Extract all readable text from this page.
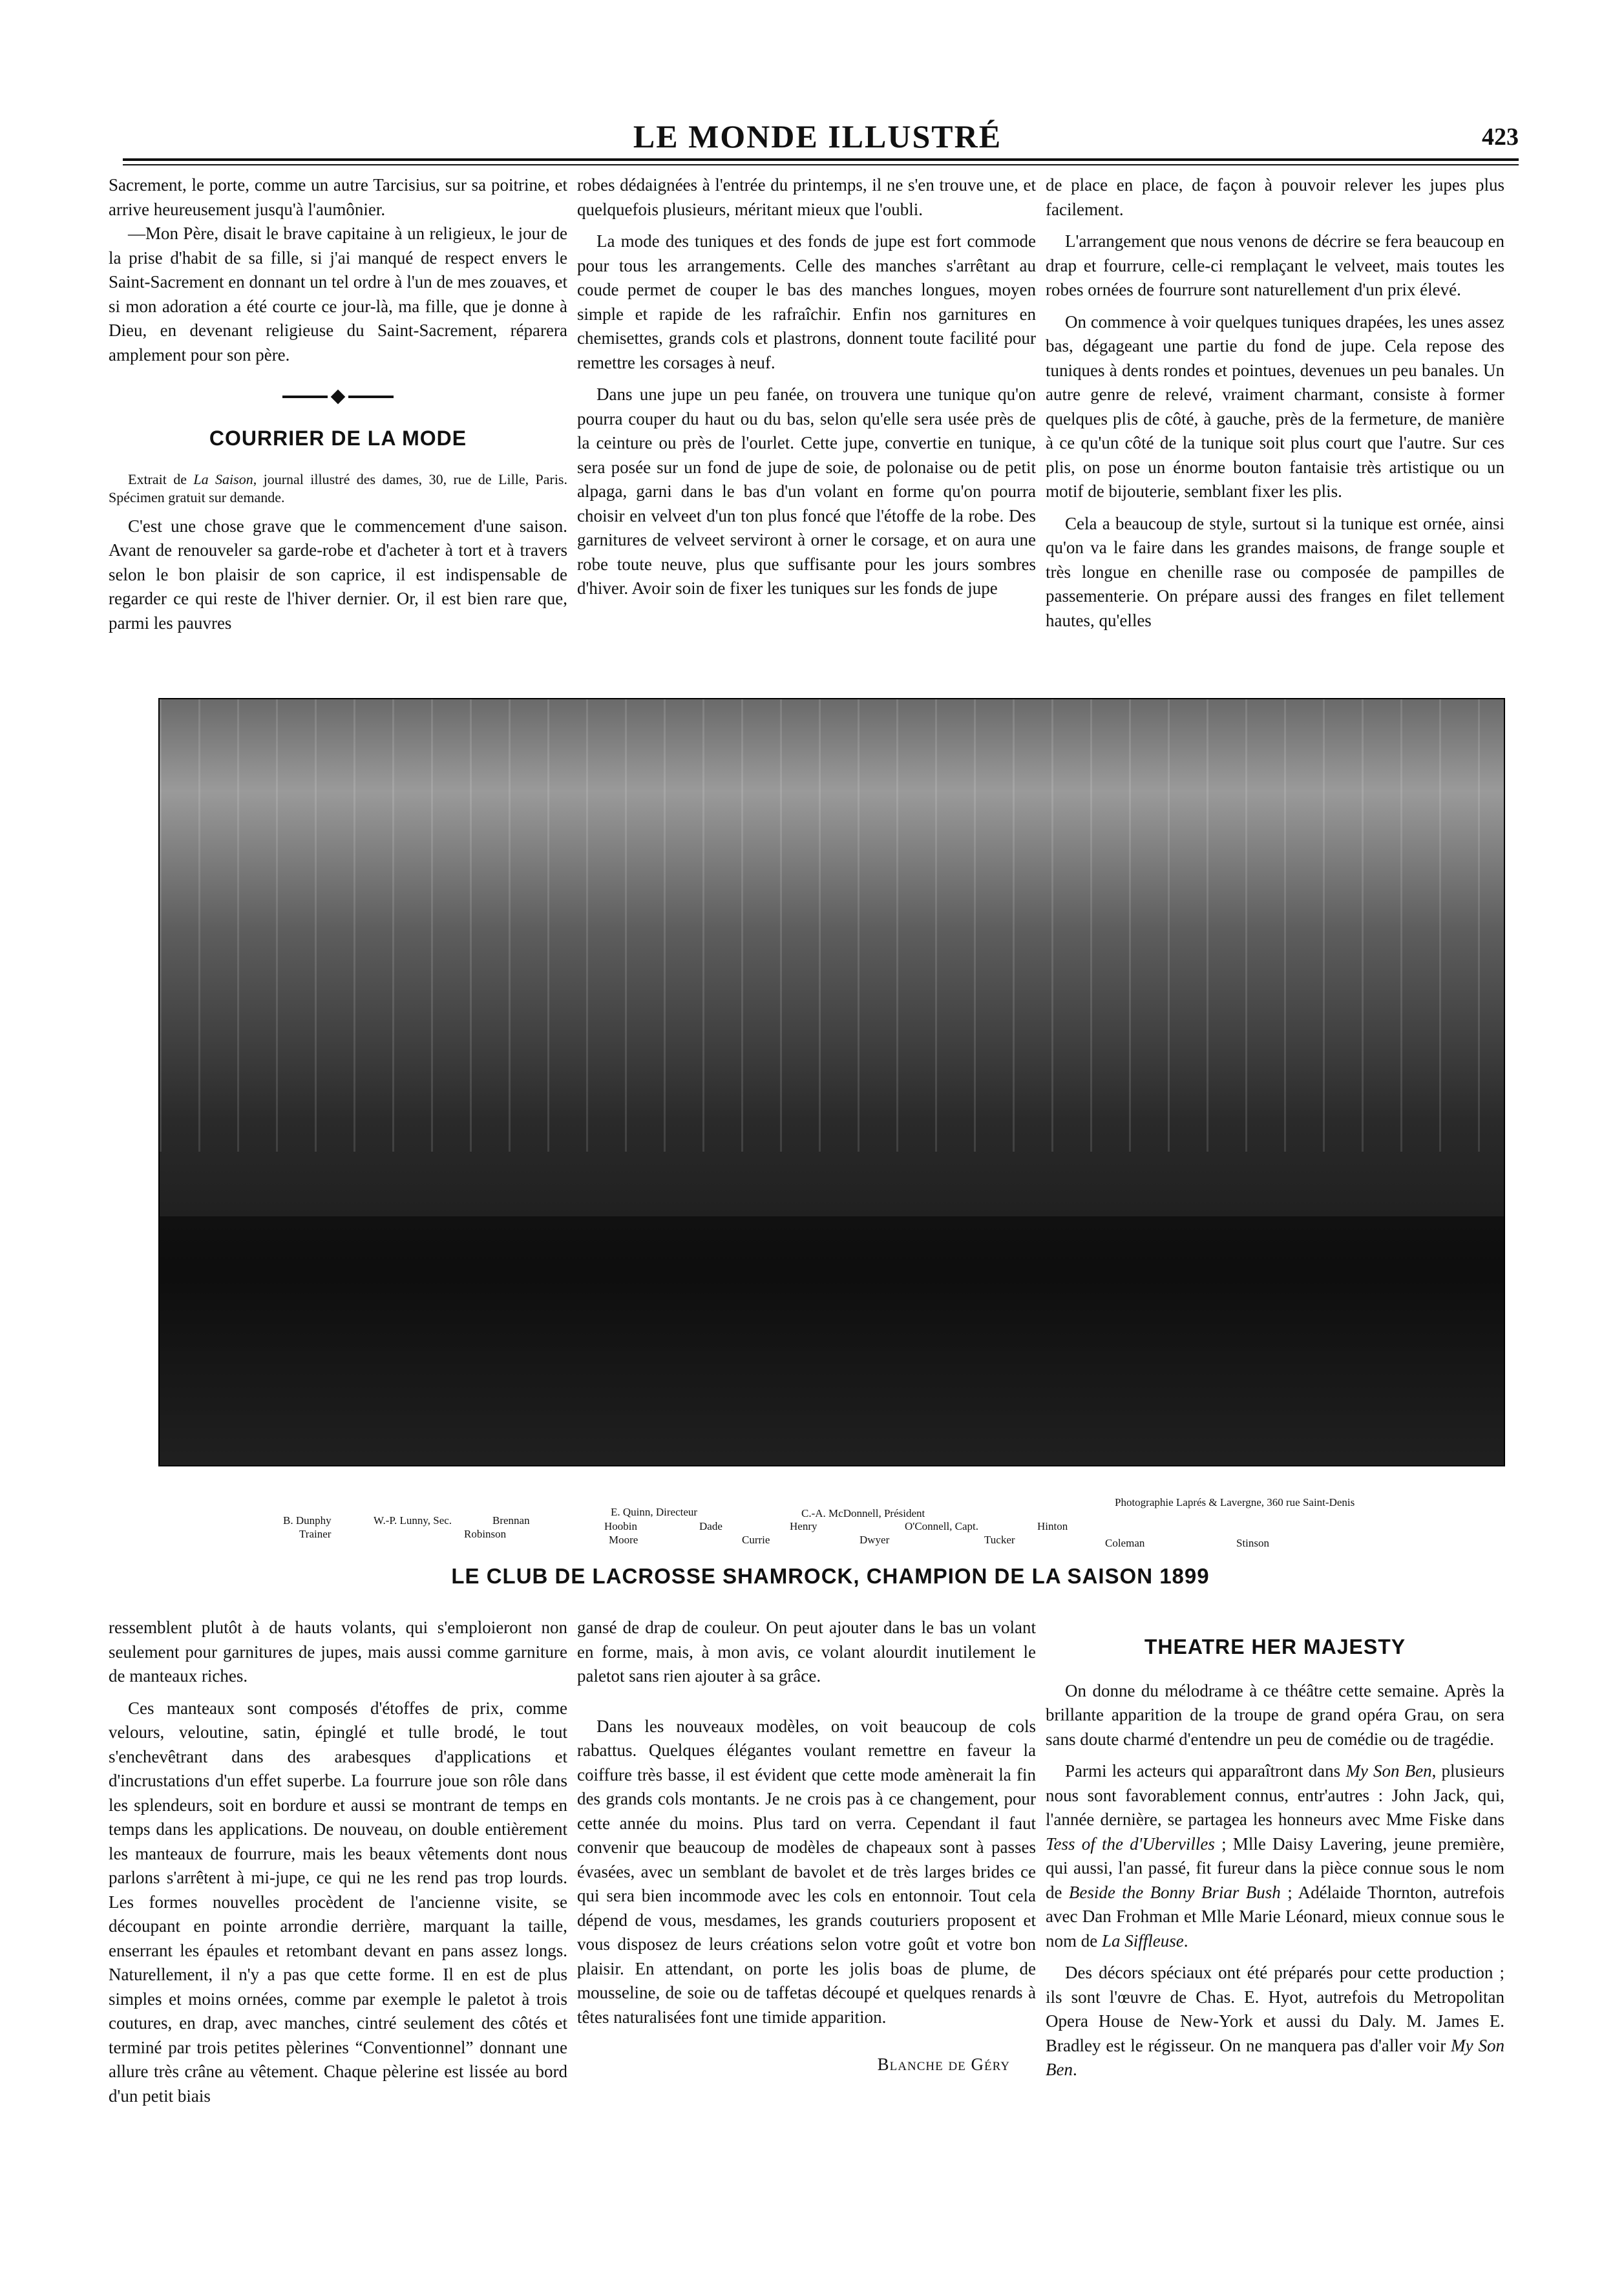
LE MONDE ILLUSTRÉ	423

Sacrement, le porte, comme un autre Tarcisius, sur sa poitrine, et arrive heureusement jusqu'à l'aumônier.

—Mon Père, disait le brave capitaine à un religieux, le jour de la prise d'habit de sa fille, si j'ai manqué de respect envers le Saint-Sacrement en donnant un tel ordre à l'un de mes zouaves, et si mon adoration a été courte ce jour-là, ma fille, que je donne à Dieu, en devenant religieuse du Saint-Sacrement, réparera amplement pour son père.

COURRIER DE LA MODE
Extrait de La Saison, journal illustré des dames, 30, rue de Lille, Paris. Spécimen gratuit sur demande.

C'est une chose grave que le commencement d'une saison. Avant de renouveler sa garde-robe et d'acheter à tort et à travers selon le bon plaisir de son caprice, il est indispensable de regarder ce qui reste de l'hiver dernier. Or, il est bien rare que, parmi les pauvres

robes dédaignées à l'entrée du printemps, il ne s'en trouve une, et quelquefois plusieurs, méritant mieux que l'oubli.

La mode des tuniques et des fonds de jupe est fort commode pour tous les arrangements. Celle des manches s'arrêtant au coude permet de couper le bas des manches longues, moyen simple et rapide de les rafraîchir. Enfin nos garnitures en chemisettes, grands cols et plastrons, donnent toute facilité pour remettre les corsages à neuf.

Dans une jupe un peu fanée, on trouvera une tunique qu'on pourra couper du haut ou du bas, selon qu'elle sera usée près de la ceinture ou près de l'ourlet. Cette jupe, convertie en tunique, sera posée sur un fond de jupe de soie, de polonaise ou de petit alpaga, garni dans le bas d'un volant en forme qu'on pourra choisir en velveet d'un ton plus foncé que l'étoffe de la robe. Des garnitures de velveet serviront à orner le corsage, et on aura une robe toute neuve, plus que suffisante pour les jours sombres d'hiver. Avoir soin de fixer les tuniques sur les fonds de jupe

de place en place, de façon à pouvoir relever les jupes plus facilement.

L'arrangement que nous venons de décrire se fera beaucoup en drap et fourrure, celle-ci remplaçant le velveet, mais toutes les robes ornées de fourrure sont naturellement d'un prix élevé.

On commence à voir quelques tuniques drapées, les unes assez bas, dégageant une partie du fond de jupe. Cela repose des tuniques à dents rondes et pointues, devenues un peu banales. Un autre genre de relevé, vraiment charmant, consiste à former quelques plis de côté, à gauche, près de la fermeture, de manière à ce qu'un côté de la tunique soit plus court que l'autre. Sur ces plis, on pose un énorme bouton fantaisie très artistique ou un motif de bijouterie, semblant fixer les plis.

Cela a beaucoup de style, surtout si la tunique est ornée, ainsi qu'on va le faire dans les grandes maisons, de frange souple et très longue en chenille rase ou composée de pampilles de passementerie. On prépare aussi des franges en filet tellement hautes, qu'elles

Photographie Laprés & Lavergne, 360 rue Saint-Denis
B. Dunphy	W.-P. Lunny, Sec.	Brennan
E. Quinn, Directeur	C.-A. McDonnell, Président
Trainer	Robinson
Hoobin	Dade	Henry	O'Connell, Capt.	Hinton
Moore	Currie	Dwyer	Tucker	Coleman	Stinson
LE CLUB DE LACROSSE SHAMROCK, CHAMPION DE LA SAISON 1899

ressemblent plutôt à de hauts volants, qui s'emploieront non seulement pour garnitures de jupes, mais aussi comme garniture de manteaux riches.

Ces manteaux sont composés d'étoffes de prix, comme velours, veloutine, satin, épinglé et tulle brodé, le tout s'enchevêtrant dans des arabesques d'applications et d'incrustations d'un effet superbe. La fourrure joue son rôle dans les splendeurs, soit en bordure et aussi se montrant de temps en temps dans les applications. De nouveau, on double entièrement les manteaux de fourrure, mais les beaux vêtements dont nous parlons s'arrêtent à mi-jupe, ce qui ne les rend pas trop lourds. Les formes nouvelles procèdent de l'ancienne visite, se découpant en pointe arrondie derrière, marquant la taille, enserrant les épaules et retombant devant en pans assez longs. Naturellement, il n'y a pas que cette forme. Il en est de plus simples et moins ornées, comme par exemple le paletot à trois coutures, en drap, avec manches, cintré seulement des côtés et terminé par trois petites pèlerines “Conventionnel” donnant une allure très crâne au vêtement. Chaque pèlerine est lissée au bord d'un petit biais

gansé de drap de couleur. On peut ajouter dans le bas un volant en forme, mais, à mon avis, ce volant alourdit inutilement le paletot sans rien ajouter à sa grâce.

Dans les nouveaux modèles, on voit beaucoup de cols rabattus. Quelques élégantes voulant remettre en faveur la coiffure très basse, il est évident que cette mode amènerait la fin des grands cols montants. Je ne crois pas à ce changement, pour cette année du moins. Plus tard on verra. Cependant il faut convenir que beaucoup de modèles de chapeaux sont à passes évasées, avec un semblant de bavolet et de très larges brides ce qui sera bien incommode avec les cols en entonnoir. Tout cela dépend de vous, mesdames, les grands couturiers proposent et vous disposez de leurs créations selon votre goût et votre bon plaisir. En attendant, on porte les jolis boas de plume, de mousseline, de soie ou de taffetas découpé et quelques renards à têtes naturalisées font une timide apparition.

Blanche de Géry
THEATRE HER MAJESTY

On donne du mélodrame à ce théâtre cette semaine. Après la brillante apparition de la troupe de grand opéra Grau, on sera sans doute charmé d'entendre un peu de comédie ou de tragédie.

Parmi les acteurs qui apparaîtront dans My Son Ben, plusieurs nous sont favorablement connus, entr'autres : John Jack, qui, l'année dernière, se partagea les honneurs avec Mme Fiske dans Tess of the d'Ubervilles ; Mlle Daisy Lavering, jeune première, qui aussi, l'an passé, fit fureur dans la pièce connue sous le nom de Beside the Bonny Briar Bush ; Adélaide Thornton, autrefois avec Dan Frohman et Mlle Marie Léonard, mieux connue sous le nom de La Siffleuse.

Des décors spéciaux ont été préparés pour cette production ; ils sont l'œuvre de Chas. E. Hyot, autrefois du Metropolitan Opera House de New-York et aussi du Daly. M. James E. Bradley est le régisseur. On ne manquera pas d'aller voir My Son Ben.
